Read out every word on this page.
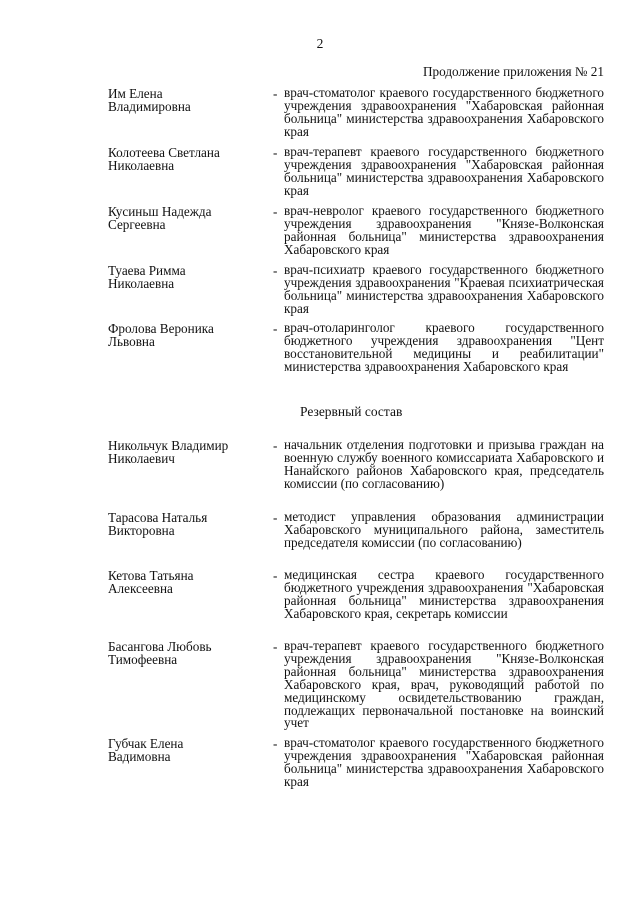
2
Продолжение приложения № 21
Им Елена
Владимировна
- врач-стоматолог краевого государственного бюджетного учреждения здравоохранения "Хабаровская районная больница" министерства здравоохранения Хабаровского края
Колотеева Светлана
Николаевна
- врач-терапевт краевого государственного бюджетного учреждения здравоохранения "Хабаровская районная больница" министерства здравоохранения Хабаровского края
Кусиньш Надежда
Сергеевна
- врач-невролог краевого государственного бюджетного учреждения здравоохранения "Князе-Волконская районная больница" министерства здравоохранения Хабаровского края
Туаева Римма
Николаевна
- врач-психиатр краевого государственного бюджетного учреждения здравоохранения "Краевая психиатрическая больница" министерства здравоохранения Хабаровского края
Фролова Вероника
Львовна
- врач-отоларинголог краевого государственного бюджетного учреждения здравоохранения "Цент восстановительной медицины и реабилитации" министерства здравоохранения Хабаровского края
Резервный состав
Никольчук Владимир
Николаевич
- начальник отделения подготовки и призыва граждан на военную службу военного комиссариата Хабаровского и Нанайского районов Хабаровского края, председатель комиссии (по согласованию)
Тарасова Наталья
Викторовна
- методист управления образования администрации Хабаровского муниципального района, заместитель председателя комиссии (по согласованию)
Кетова Татьяна
Алексеевна
- медицинская сестра краевого государственного бюджетного учреждения здравоохранения "Хабаровская районная больница" министерства здравоохранения Хабаровского края, секретарь комиссии
Басангова Любовь
Тимофеевна
- врач-терапевт краевого государственного бюджетного учреждения здравоохранения "Князе-Волконская районная больница" министерства здравоохранения Хабаровского края, врач, руководящий работой по медицинскому освидетельствованию граждан, подлежащих первоначальной постановке на воинский учет
Губчак Елена
Вадимовна
- врач-стоматолог краевого государственного бюджетного учреждения здравоохранения "Хабаровская районная больница" министерства здравоохранения Хабаровского края
